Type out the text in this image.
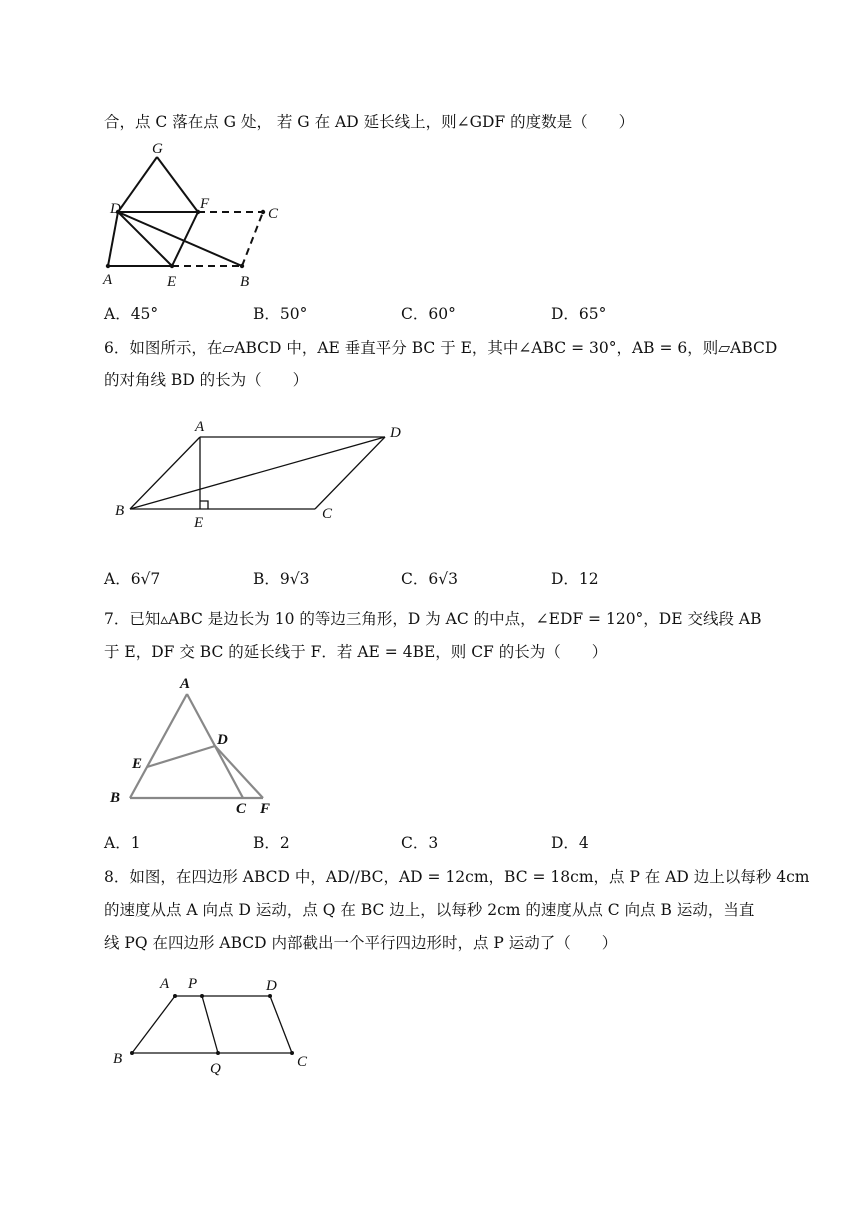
合，点 C 落在点 G 处， 若 G 在 AD 延长线上，则∠GDF 的度数是（　　）
G
D	F
C
A	E	B
A．45°	B．50°	C．60°	D．65°
6．如图所示，在▱ABCD 中，AE 垂直平分 BC 于 E，其中∠ABC = 30°，AB = 6，则▱ABCD
的对角线 BD 的长为（　　）
A	D
B
E
C
A．6√7	B．9√3	C．6√3	D．12
7．已知▵ABC 是边长为 10 的等边三角形，D 为 AC 的中点，∠EDF = 120°，DE 交线段 AB
于 E，DF 交 BC 的延长线于 F．若 AE = 4BE，则 CF 的长为（　　）
A
D
E
B
C F
A．1	B．2	C．3	D．4
8．如图，在四边形 ABCD 中，AD//BC，AD = 12cm，BC = 18cm，点 P 在 AD 边上以每秒 4cm
的速度从点 A 向点 D 运动，点 Q 在 BC 边上，以每秒 2cm 的速度从点 C 向点 B 运动，当直
线 PQ 在四边形 ABCD 内部截出一个平行四边形时，点 P 运动了（　　）
A P	D
B
Q	C
